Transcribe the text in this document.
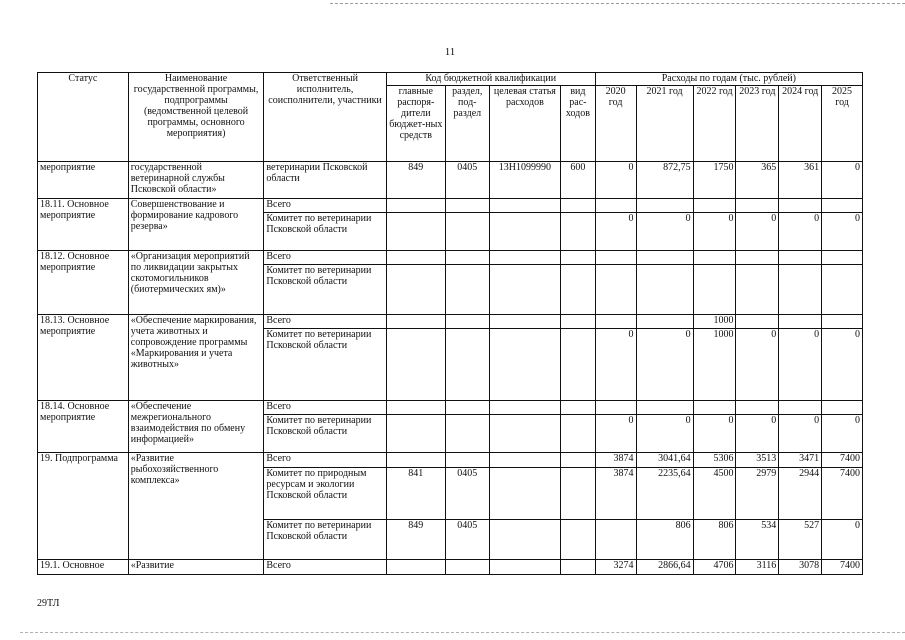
11
Статус	Наименование государственной программы, подпрограммы (ведомственной целевой программы, основного мероприятия)	Ответственный исполнитель, соисполнители, участники	Код бюджетной квалификации				Расходы по годам (тыс. рублей)					
			главные распоря-дители бюджет-ных средств	раздел, под-раздел	целевая статья расходов	вид рас-ходов	2020 год	2021 год	2022 год	2023 год	2024 год	2025 год
мероприятие	государственной ветеринарной службы Псковской области»	ветеринарии Псковской области	849	0405	13Н1099990	600	0	872,75	1750	365	361	0
18.11. Основное мероприятие	Совершенствование и формирование кадрового резерва»	Всего										
		Комитет по ветеринарии Псковской области					0	0	0	0	0	0
18.12. Основное мероприятие	«Организация мероприятий по ликвидации закрытых скотомогильников (биотермических ям)»	Всего										
		Комитет по ветеринарии Псковской области										
18.13. Основное мероприятие	«Обеспечение маркирования, учета животных и сопровождение программы «Маркирования и учета животных»	Всего							1000			
		Комитет по ветеринарии Псковской области					0	0	1000	0	0	0
18.14. Основное мероприятие	«Обеспечение межрегионального взаимодействия по обмену информацией»	Всего										
		Комитет по ветеринарии Псковской области					0	0	0	0	0	0
19. Подпрограмма	«Развитие рыбохозяйственного комплекса»	Всего					3874	3041,64	5306	3513	3471	7400
		Комитет по природным ресурсам и экологии Псковской области	841	0405			3874	2235,64	4500	2979	2944	7400
		Комитет по ветеринарии Псковской области	849	0405				806	806	534	527	0
19.1. Основное	«Развитие	Всего					3274	2866,64	4706	3116	3078	7400
29ТЛ
